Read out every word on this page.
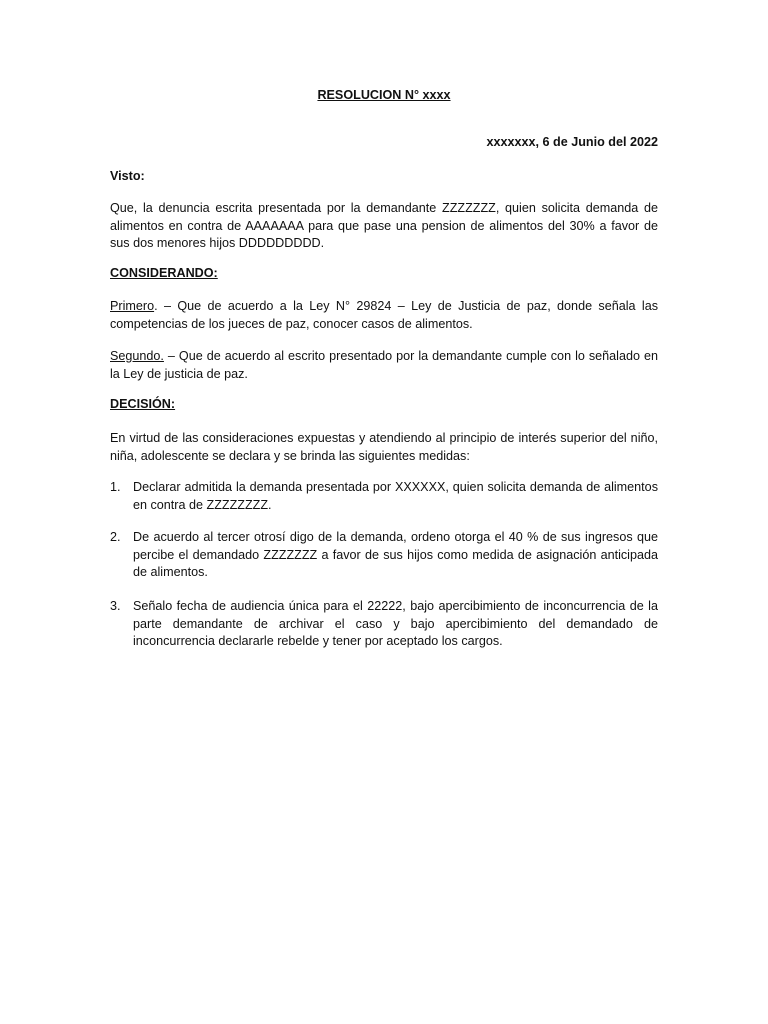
RESOLUCION N° xxxx
xxxxxxx, 6 de Junio del 2022
Visto:
Que, la denuncia escrita presentada por la demandante ZZZZZZZ, quien solicita demanda de alimentos en contra de AAAAAAA para que pase una pension de alimentos del 30% a favor de sus dos menores hijos DDDDDDDDD.
CONSIDERANDO:
Primero. – Que de acuerdo a la Ley N° 29824 – Ley de Justicia de paz, donde señala las competencias de los jueces de paz, conocer casos de alimentos.
Segundo. – Que de acuerdo al escrito presentado por la demandante cumple con lo señalado en la Ley de justicia de paz.
DECISIÓN:
En virtud de las consideraciones expuestas y atendiendo al principio de interés superior del niño, niña, adolescente se declara y se brinda las siguientes medidas:
1. Declarar admitida la demanda presentada por XXXXXX, quien solicita demanda de alimentos en contra de ZZZZZZZZ.
2. De acuerdo al tercer otrosí digo de la demanda, ordeno otorga el 40 % de sus ingresos que percibe el demandado ZZZZZZZ a favor de sus hijos como medida de asignación anticipada de alimentos.
3. Señalo fecha de audiencia única para el 22222, bajo apercibimiento de inconcurrencia de la parte demandante de archivar el caso y bajo apercibimiento del demandado de inconcurrencia declararle rebelde y tener por aceptado los cargos.
